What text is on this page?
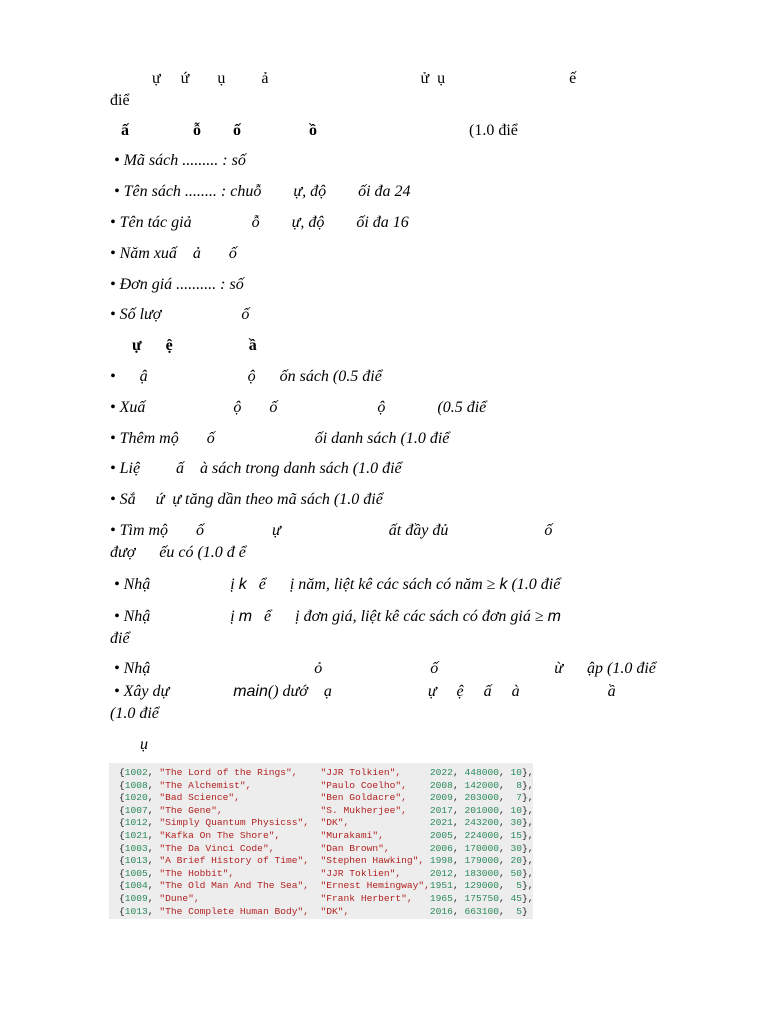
ự     ứ       ụ         ả                                      ử  ụ                               ế

điể

ấ                ỗ        ố                 ồ	(1.0 điể

• Mã sách ......... : số

• Tên sách ........ : chuỗ        ự, độ        ối đa 24

• Tên tác giả               ỗ        ự, độ        ối đa 16

• Năm xuấ    ả       ố

• Đơn giá .......... : số

• Số lượ                    ố

ự      ệ                   ầ

•      ậ                         ộ      ốn sách (0.5 điể

• Xuấ                      ộ       ố                         ộ             (0.5 điể

• Thêm mộ       ố                         ối danh sách (1.0 điể

• Liệ         ấ    à sách trong danh sách (1.0 điể

• Sắ     ứ  ự tăng dần theo mã sách (1.0 điể

• Tìm mộ       ố                 ự                           ất đầy đủ                        ố

đượ      ếu có (1.0 đ ể

• Nhậ                    ị k   ể      ị năm, liệt kê các sách có năm ≥ k (1.0 điể

• Nhậ                    ị m   ể      ị đơn giá, liệt kê các sách có đơn giá ≥ m

điể

• Nhậ                                         ỏ                           ố                             ừ      ập (1.0 điể

• Xây dự                main() dướ    ạ                        ự     ệ     ấ     à                      ầ

(1.0 điể

ụ

{1002, "The Lord of the Rings",    "JJR Tolkien",     2022, 448000, 10},
{1008, "The Alchemist",            "Paulo Coelho",    2008, 142000,  8},
{1020, "Bad Science",              "Ben Goldacre",    2009, 203000,  7},
{1007, "The Gene",                 "S. Mukherjee",    2017, 201000, 10},
{1012, "Simply Quantum Physicss",  "DK",              2021, 243200, 30},
{1021, "Kafka On The Shore",       "Murakami",        2005, 224000, 15},
{1003, "The Da Vinci Code",        "Dan Brown",       2006, 170000, 30},
{1013, "A Brief History of Time",  "Stephen Hawking", 1998, 179000, 20},
{1005, "The Hobbit",               "JJR Toklien",     2012, 183000, 50},
{1004, "The Old Man And The Sea",  "Ernest Hemingway",1951, 129000,  5},
{1009, "Dune",                     "Frank Herbert",   1965, 175750, 45},
{1013, "The Complete Human Body",  "DK",              2016, 663100,  5}
